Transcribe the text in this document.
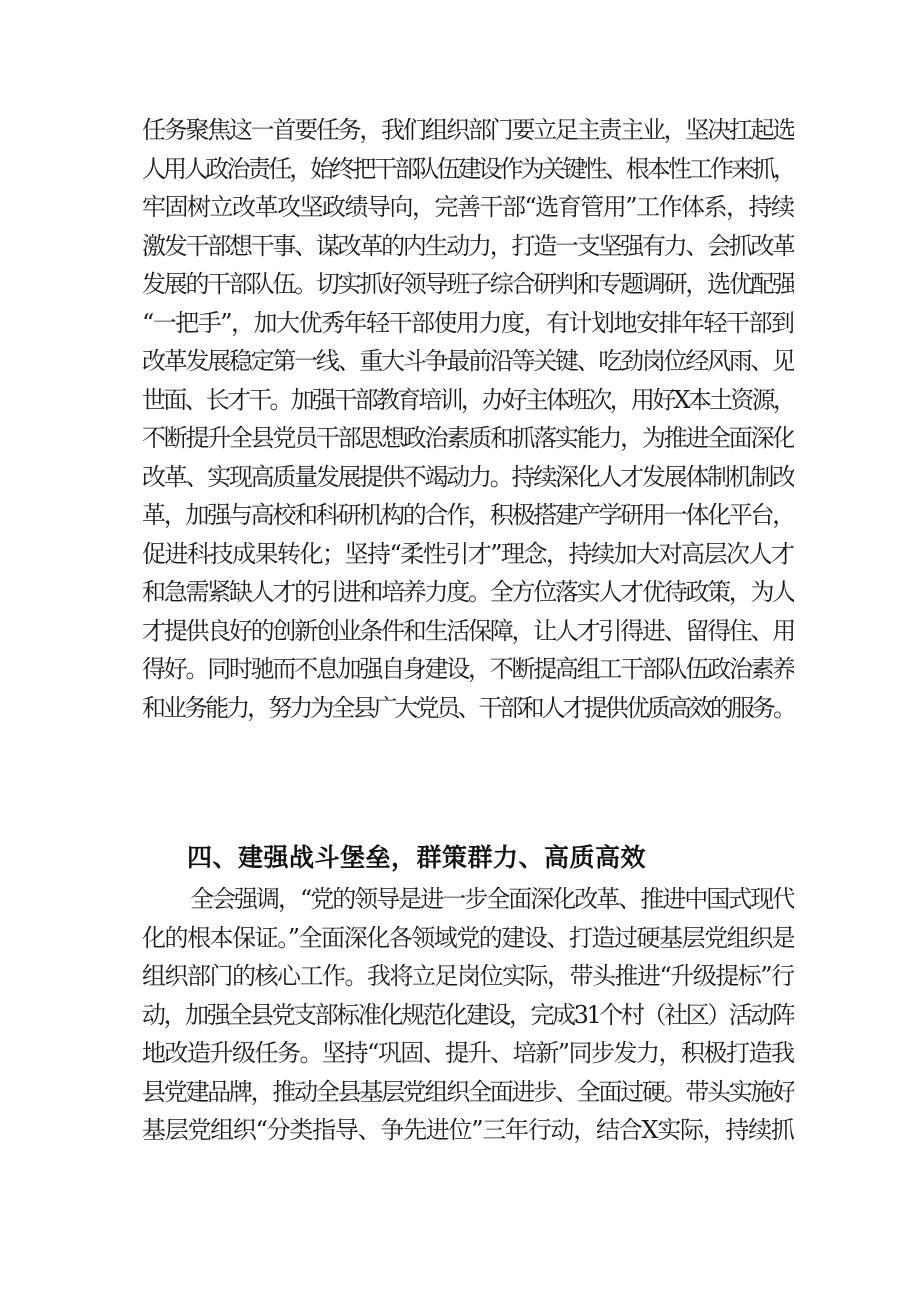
任务聚焦这一首要任务，我们组织部门要立足主责主业，坚决扛起选
人用人政治责任，始终把干部队伍建设作为关键性、根本性工作来抓，
牢固树立改革攻坚政绩导向，完善干部“选育管用”工作体系，持续
激发干部想干事、谋改革的内生动力，打造一支坚强有力、会抓改革
发展的干部队伍。切实抓好领导班子综合研判和专题调研，选优配强
“一把手”，加大优秀年轻干部使用力度，有计划地安排年轻干部到
改革发展稳定第一线、重大斗争最前沿等关键、吃劲岗位经风雨、见
世面、长才干。加强干部教育培训，办好主体班次，用好X本土资源，
不断提升全县党员干部思想政治素质和抓落实能力，为推进全面深化
改革、实现高质量发展提供不竭动力。持续深化人才发展体制机制改
革，加强与高校和科研机构的合作，积极搭建产学研用一体化平台，
促进科技成果转化；坚持“柔性引才”理念，持续加大对高层次人才
和急需紧缺人才的引进和培养力度。全方位落实人才优待政策，为人
才提供良好的创新创业条件和生活保障，让人才引得进、留得住、用
得好。同时驰而不息加强自身建设，不断提高组工干部队伍政治素养
和业务能力，努力为全县广大党员、干部和人才提供优质高效的服务。

四、建强战斗堡垒，群策群力、高质高效

全会强调，“党的领导是进一步全面深化改革、推进中国式现代
化的根本保证。”全面深化各领域党的建设、打造过硬基层党组织是
组织部门的核心工作。我将立足岗位实际，带头推进“升级提标”行
动，加强全县党支部标准化规范化建设，完成31个村（社区）活动阵
地改造升级任务。坚持“巩固、提升、培新”同步发力，积极打造我
县党建品牌，推动全县基层党组织全面进步、全面过硬。带头实施好
基层党组织“分类指导、争先进位”三年行动，结合X实际，持续抓
